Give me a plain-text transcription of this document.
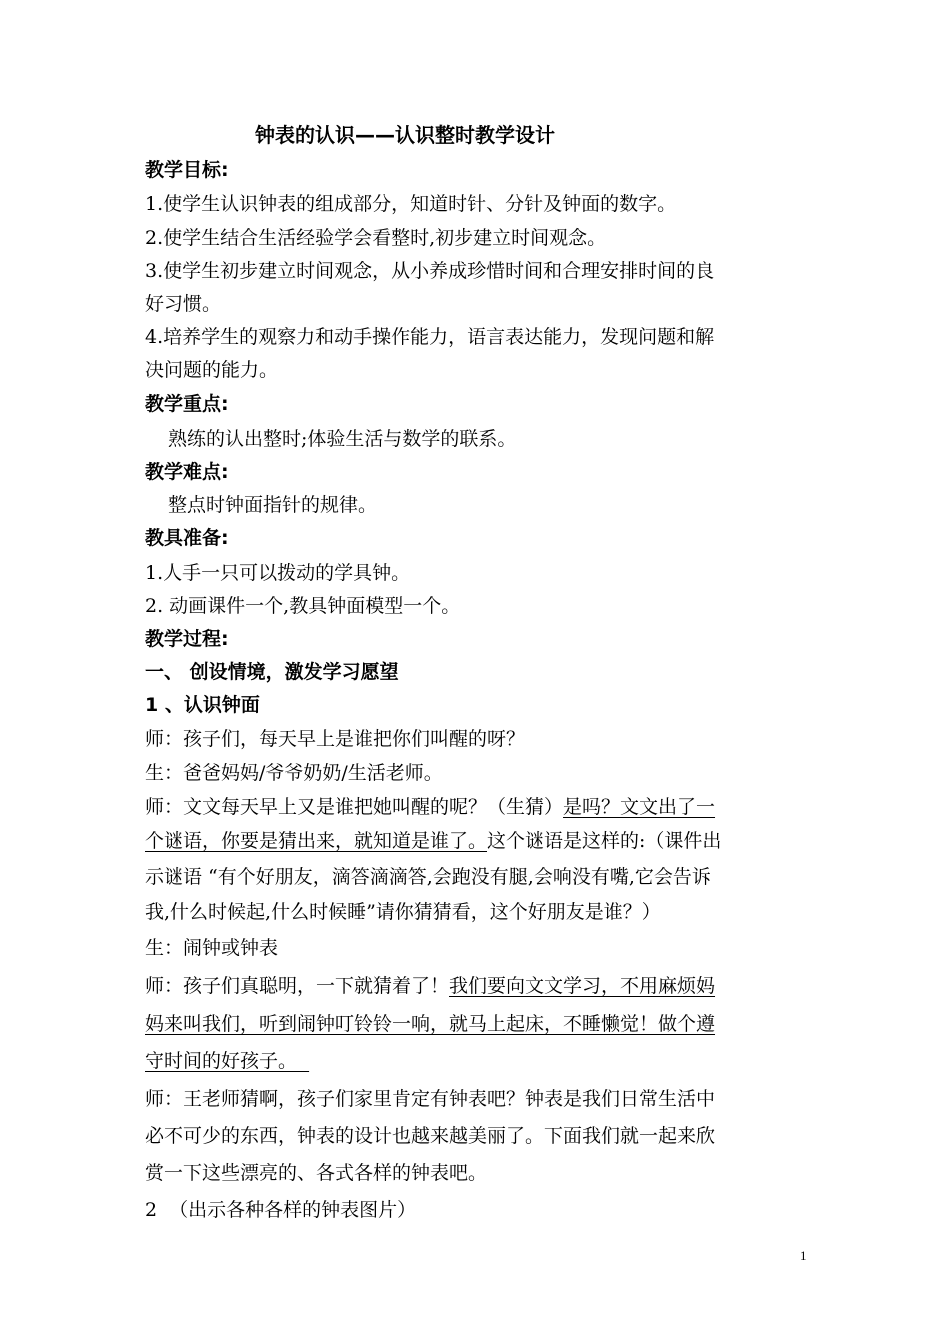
钟表的认识——认识整时教学设计
教学目标:
1.使学生认识钟表的组成部分，知道时针、分针及钟面的数字。
2.使学生结合生活经验学会看整时,初步建立时间观念。
3.使学生初步建立时间观念，从小养成珍惜时间和合理安排时间的良
好习惯。
4.培养学生的观察力和动手操作能力，语言表达能力，发现问题和解
决问题的能力。
教学重点:
熟练的认出整时;体验生活与数学的联系。
教学难点:
整点时钟面指针的规律。
教具准备:
1.人手一只可以拨动的学具钟。
2. 动画课件一个,教具钟面模型一个。
教学过程:
一、 创设情境，激发学习愿望
1 、认识钟面
师：孩子们，每天早上是谁把你们叫醒的呀？
生：爸爸妈妈/爷爷奶奶/生活老师。
师：文文每天早上又是谁把她叫醒的呢？（生猜）是吗？文文出了一
个谜语，你要是猜出来，就知道是谁了。这个谜语是这样的:（课件出
示谜语 “有个好朋友，滴答滴滴答,会跑没有腿,会响没有嘴,它会告诉
我,什么时候起,什么时候睡”请你猜猜看，这个好朋友是谁？）
生：闹钟或钟表
师：孩子们真聪明，一下就猜着了！我们要向文文学习，不用麻烦妈
妈来叫我们，听到闹钟叮铃铃一响，就马上起床，不睡懒觉！做个遵
守时间的好孩子。
师：王老师猜啊，孩子们家里肯定有钟表吧？钟表是我们日常生活中
必不可少的东西，钟表的设计也越来越美丽了。下面我们就一起来欣
赏一下这些漂亮的、各式各样的钟表吧。
2  （出示各种各样的钟表图片）
1
